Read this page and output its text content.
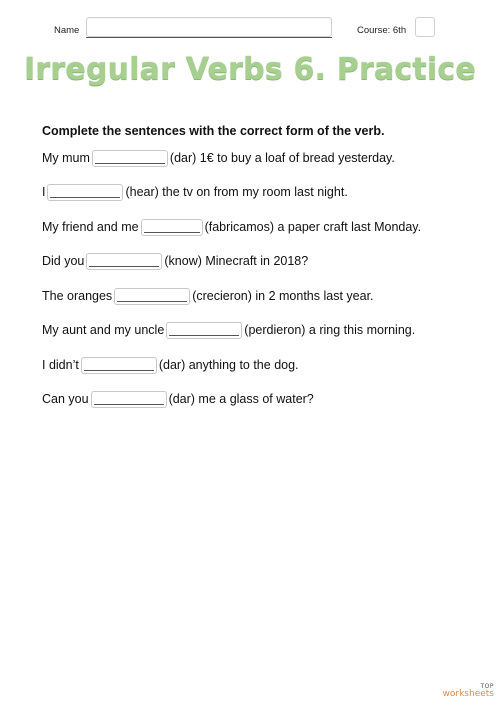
Name	Course: 6th
Irregular Verbs 6. Practice
Complete the sentences with the correct form of the verb.
My mum	(dar) 1€ to buy a loaf of bread yesterday.
I	(hear) the tv on from my room last night.
My friend and me	(fabricamos) a paper craft last Monday.
Did you	(know) Minecraft in 2018?
The oranges	(crecieron) in 2 months last year.
My aunt and my uncle	(perdieron) a ring this morning.
I didn’t	(dar) anything to the dog.
Can you	(dar) me a glass of water?
TOP
worksheets
